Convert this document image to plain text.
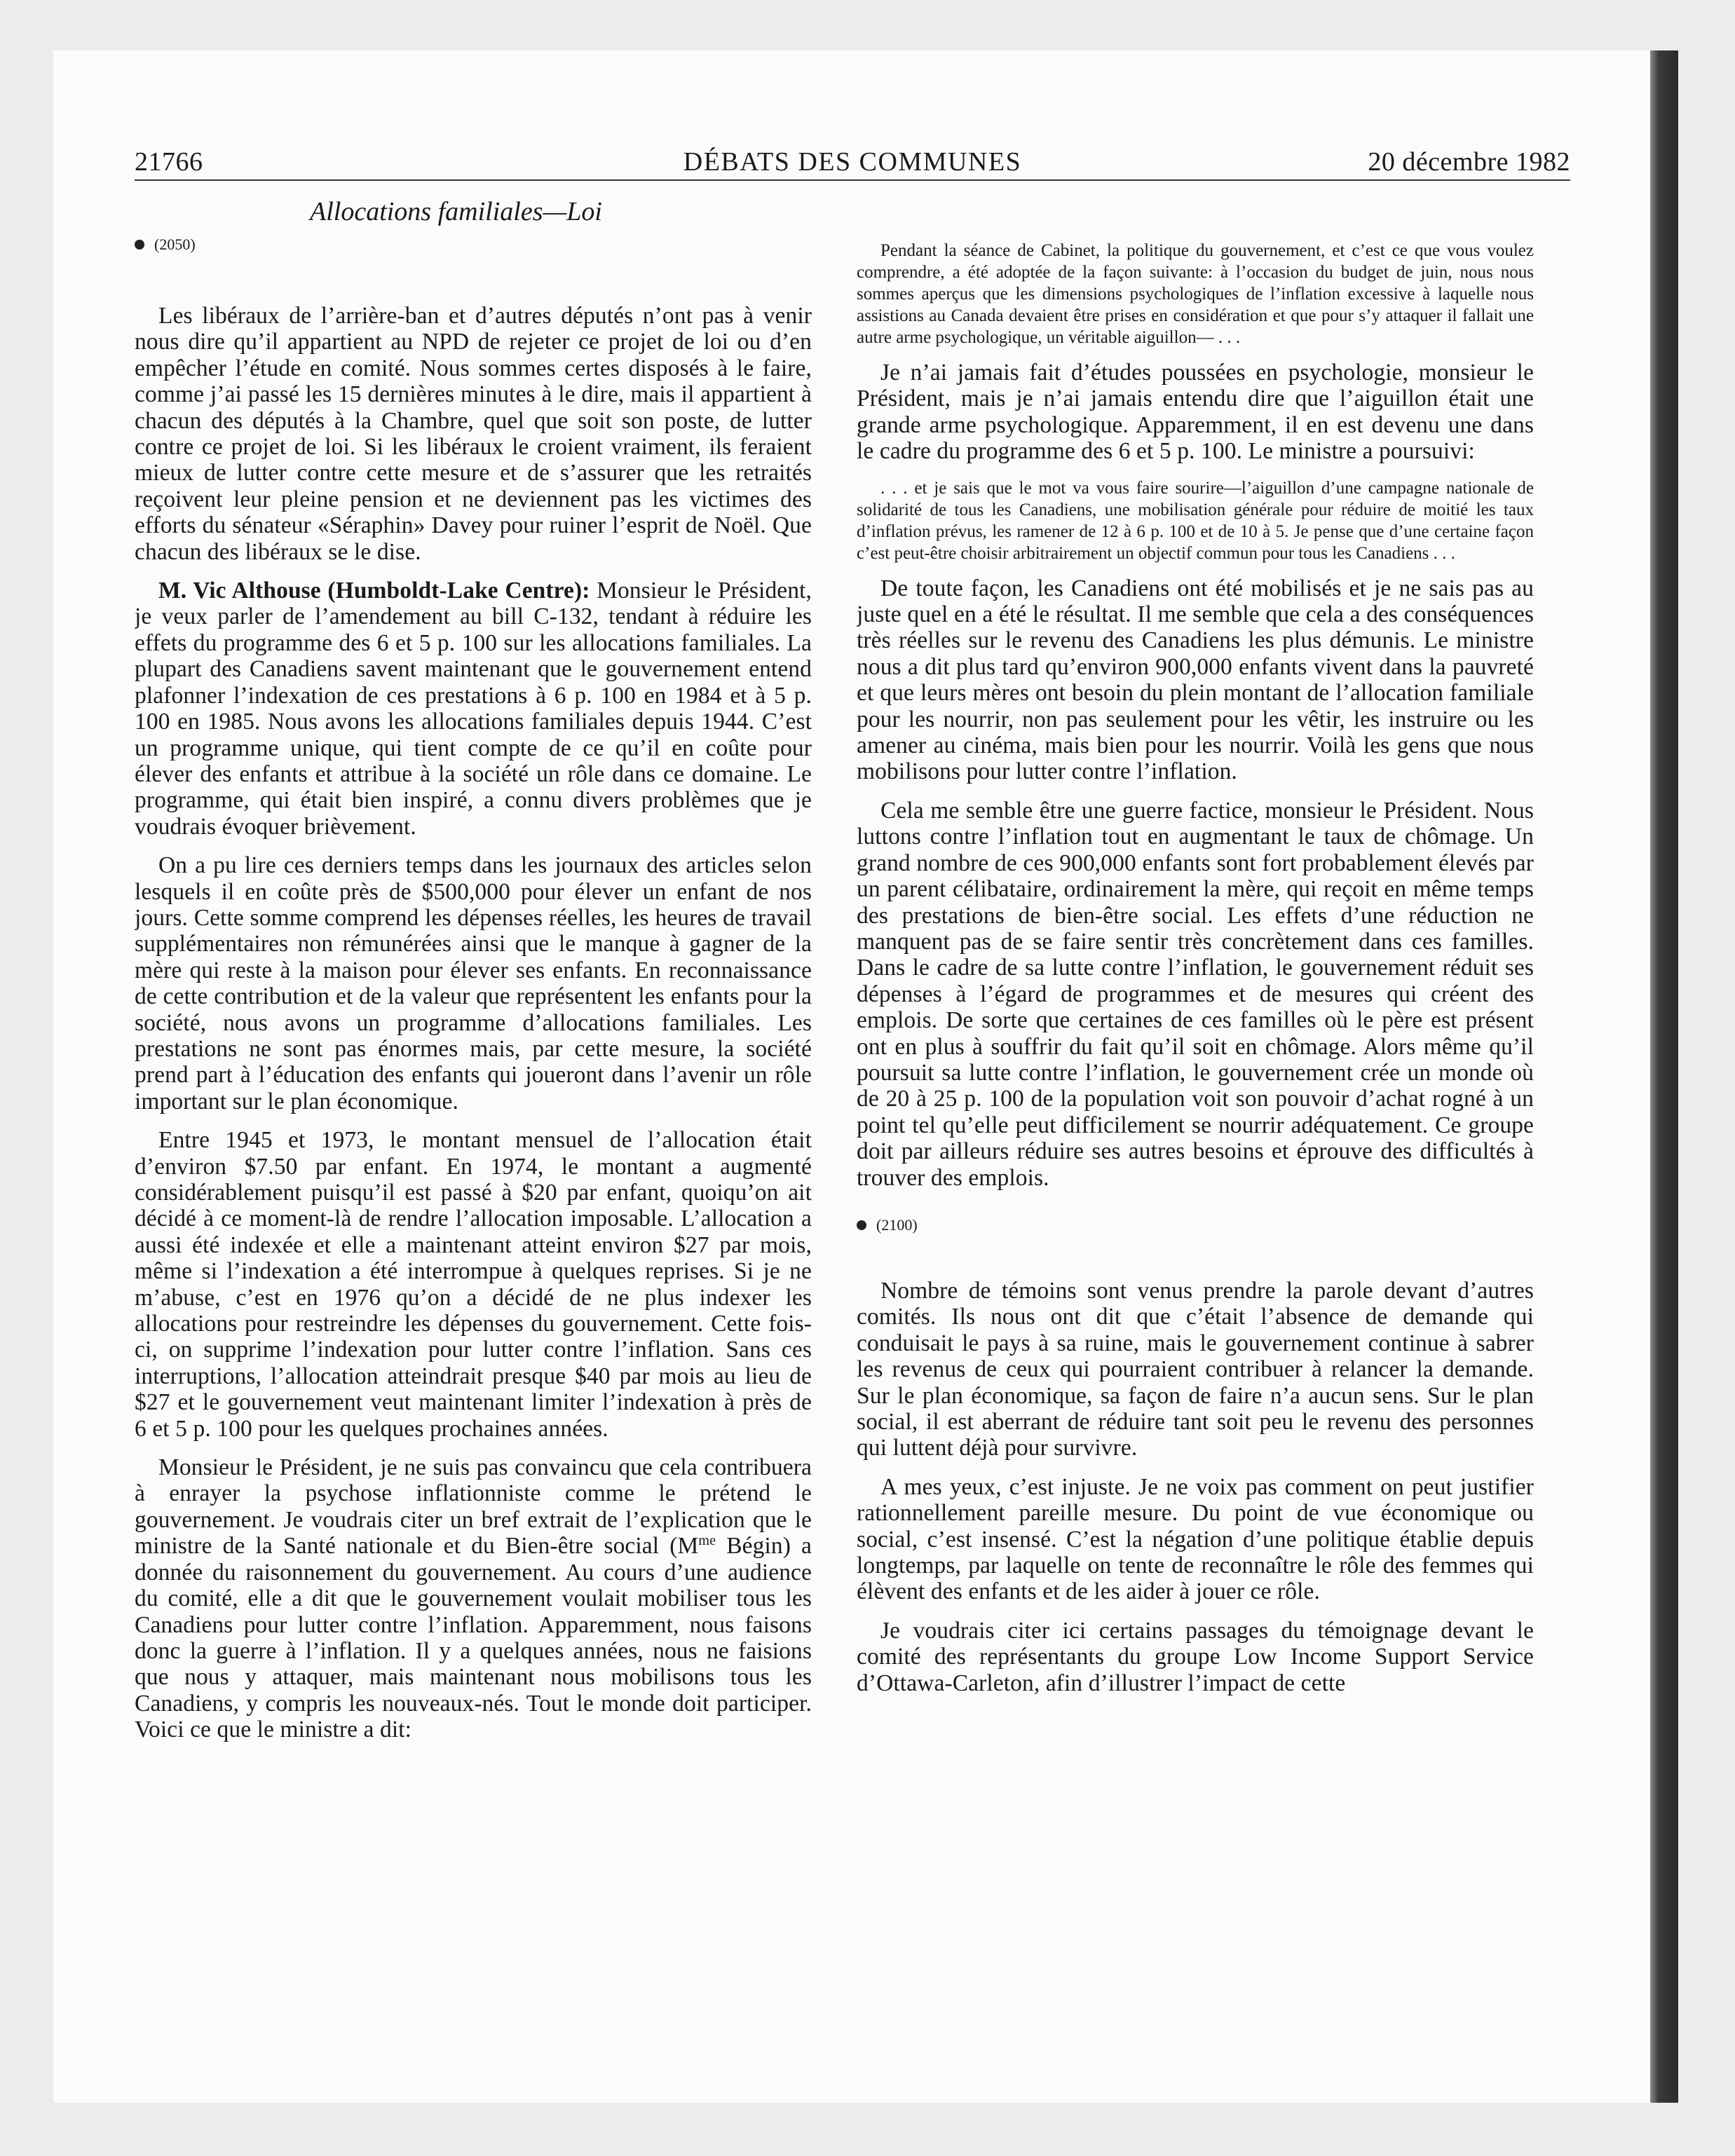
21766	DÉBATS DES COMMUNES	20 décembre 1982
Allocations familiales—Loi
(2050)

Les libéraux de l’arrière-ban et d’autres députés n’ont pas à venir nous dire qu’il appartient au NPD de rejeter ce projet de loi ou d’en empêcher l’étude en comité. Nous sommes certes disposés à le faire, comme j’ai passé les 15 dernières minutes à le dire, mais il appartient à chacun des députés à la Chambre, quel que soit son poste, de lutter contre ce projet de loi. Si les libéraux le croient vraiment, ils feraient mieux de lutter contre cette mesure et de s’assurer que les retraités reçoivent leur pleine pension et ne deviennent pas les victimes des efforts du sénateur «Séraphin» Davey pour ruiner l’esprit de Noël. Que chacun des libéraux se le dise.

M. Vic Althouse (Humboldt-Lake Centre): Monsieur le Président, je veux parler de l’amendement au bill C-132, tendant à réduire les effets du programme des 6 et 5 p. 100 sur les allocations familiales. La plupart des Canadiens savent maintenant que le gouvernement entend plafonner l’indexation de ces prestations à 6 p. 100 en 1984 et à 5 p. 100 en 1985. Nous avons les allocations familiales depuis 1944. C’est un programme unique, qui tient compte de ce qu’il en coûte pour élever des enfants et attribue à la société un rôle dans ce domaine. Le programme, qui était bien inspiré, a connu divers problèmes que je voudrais évoquer brièvement.

On a pu lire ces derniers temps dans les journaux des articles selon lesquels il en coûte près de $500,000 pour élever un enfant de nos jours. Cette somme comprend les dépenses réelles, les heures de travail supplémentaires non rémunérées ainsi que le manque à gagner de la mère qui reste à la maison pour élever ses enfants. En reconnaissance de cette contribution et de la valeur que représentent les enfants pour la société, nous avons un programme d’allocations familiales. Les prestations ne sont pas énormes mais, par cette mesure, la société prend part à l’éducation des enfants qui joueront dans l’avenir un rôle important sur le plan économique.

Entre 1945 et 1973, le montant mensuel de l’allocation était d’environ $7.50 par enfant. En 1974, le montant a augmenté considérablement puisqu’il est passé à $20 par enfant, quoiqu’on ait décidé à ce moment-là de rendre l’allocation imposable. L’allocation a aussi été indexée et elle a maintenant atteint environ $27 par mois, même si l’indexation a été interrompue à quelques reprises. Si je ne m’abuse, c’est en 1976 qu’on a décidé de ne plus indexer les allocations pour restreindre les dépenses du gouvernement. Cette fois-ci, on supprime l’indexation pour lutter contre l’inflation. Sans ces interruptions, l’allocation atteindrait presque $40 par mois au lieu de $27 et le gouvernement veut maintenant limiter l’indexation à près de 6 et 5 p. 100 pour les quelques prochaines années.

Monsieur le Président, je ne suis pas convaincu que cela contribuera à enrayer la psychose inflationniste comme le prétend le gouvernement. Je voudrais citer un bref extrait de l’explication que le ministre de la Santé nationale et du Bien-être social ($M^{me}$ Bégin) a donnée du raisonnement du gouvernement. Au cours d’une audience du comité, elle a dit que le gouvernement voulait mobiliser tous les Canadiens pour lutter contre l’inflation. Apparemment, nous faisons donc la guerre à l’inflation. Il y a quelques années, nous ne faisions que nous y attaquer, mais maintenant nous mobilisons tous les Canadiens, y compris les nouveaux-nés. Tout le monde doit participer. Voici ce que le ministre a dit:

Pendant la séance de Cabinet, la politique du gouvernement, et c’est ce que vous voulez comprendre, a été adoptée de la façon suivante: à l’occasion du budget de juin, nous nous sommes aperçus que les dimensions psychologiques de l’inflation excessive à laquelle nous assistions au Canada devaient être prises en considération et que pour s’y attaquer il fallait une autre arme psychologique, un véritable aiguillon— . . .

Je n’ai jamais fait d’études poussées en psychologie, monsieur le Président, mais je n’ai jamais entendu dire que l’aiguillon était une grande arme psychologique. Apparemment, il en est devenu une dans le cadre du programme des 6 et 5 p. 100. Le ministre a poursuivi:

. . . et je sais que le mot va vous faire sourire—l’aiguillon d’une campagne nationale de solidarité de tous les Canadiens, une mobilisation générale pour réduire de moitié les taux d’inflation prévus, les ramener de 12 à 6 p. 100 et de 10 à 5. Je pense que d’une certaine façon c’est peut-être choisir arbitrairement un objectif commun pour tous les Canadiens . . .

De toute façon, les Canadiens ont été mobilisés et je ne sais pas au juste quel en a été le résultat. Il me semble que cela a des conséquences très réelles sur le revenu des Canadiens les plus démunis. Le ministre nous a dit plus tard qu’environ 900,000 enfants vivent dans la pauvreté et que leurs mères ont besoin du plein montant de l’allocation familiale pour les nourrir, non pas seulement pour les vêtir, les instruire ou les amener au cinéma, mais bien pour les nourrir. Voilà les gens que nous mobilisons pour lutter contre l’inflation.

Cela me semble être une guerre factice, monsieur le Président. Nous luttons contre l’inflation tout en augmentant le taux de chômage. Un grand nombre de ces 900,000 enfants sont fort probablement élevés par un parent célibataire, ordinairement la mère, qui reçoit en même temps des prestations de bien-être social. Les effets d’une réduction ne manquent pas de se faire sentir très concrètement dans ces familles. Dans le cadre de sa lutte contre l’inflation, le gouvernement réduit ses dépenses à l’égard de programmes et de mesures qui créent des emplois. De sorte que certaines de ces familles où le père est présent ont en plus à souffrir du fait qu’il soit en chômage. Alors même qu’il poursuit sa lutte contre l’inflation, le gouvernement crée un monde où de 20 à 25 p. 100 de la population voit son pouvoir d’achat rogné à un point tel qu’elle peut difficilement se nourrir adéquatement. Ce groupe doit par ailleurs réduire ses autres besoins et éprouve des difficultés à trouver des emplois.

(2100)

Nombre de témoins sont venus prendre la parole devant d’autres comités. Ils nous ont dit que c’était l’absence de demande qui conduisait le pays à sa ruine, mais le gouvernement continue à sabrer les revenus de ceux qui pourraient contribuer à relancer la demande. Sur le plan économique, sa façon de faire n’a aucun sens. Sur le plan social, il est aberrant de réduire tant soit peu le revenu des personnes qui luttent déjà pour survivre.

A mes yeux, c’est injuste. Je ne voix pas comment on peut justifier rationnellement pareille mesure. Du point de vue économique ou social, c’est insensé. C’est la négation d’une politique établie depuis longtemps, par laquelle on tente de reconnaître le rôle des femmes qui élèvent des enfants et de les aider à jouer ce rôle.

Je voudrais citer ici certains passages du témoignage devant le comité des représentants du groupe Low Income Support Service d’Ottawa-Carleton, afin d’illustrer l’impact de cette
